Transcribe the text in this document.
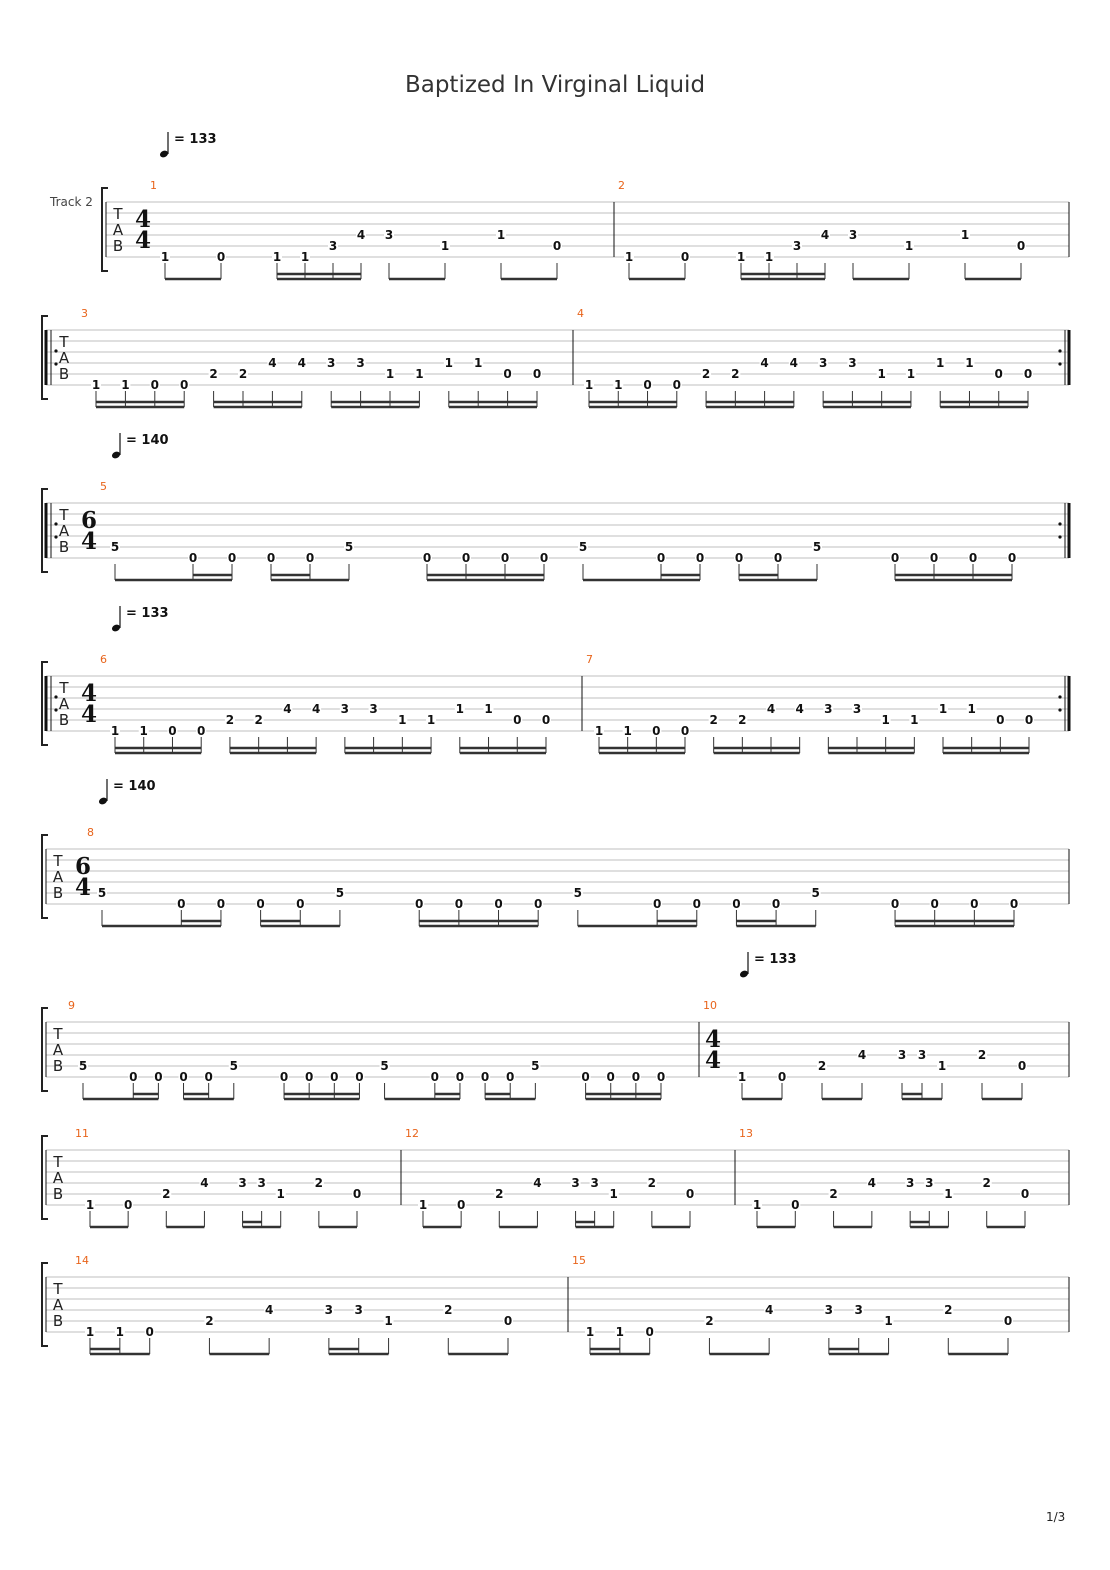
Baptized In Virginal Liquid
T
A
B
Track 2
= 133
4
4
1
1	0	1 1
3
4 3
1
1
0
2
1	0	1 1
3
4 3
1
1
0
T
A
B
3
1 1 0 0
2 2
4 4 3 3
1 1
1 1
0 0
4
1 1 0 0
2 2
4 4 3 3
1 1
1 1
0 0
T
A
B
= 140
6
4
5
5
0	0	0	0
5
0	0	0	0
5
0	0	0	0
5
0	0	0	0
T
A
B
= 133
4
4
6
1 1 0 0
2 2
4 4 3 3
1 1
1 1
0 0
7
1 1 0 0
2 2
4 4 3 3
1 1
1 1
0 0
T
A
B
= 140
6
4
8
5
0	0	0	0
5
0	0	0	0
5
0	0	0	0
5
0	0	0	0
T
A
B
9
5
0 0 0 0
5
0 0 0 0
5
0 0 0 0
5
0 0 0 0
10
= 133
4
4
1	0
2
4	3 3
1
2
0
T
A
B
11
1 0
2
4 3 3
1
2
0
12
1 0
2
4 3 3
1
2
0
13
1 0
2
4 3 3
1
2
0
T
A
B
14
1 1 0
2
4	3 3
1
2
0
15
1 1 0
2
4	3 3
1
2
0
1/3
